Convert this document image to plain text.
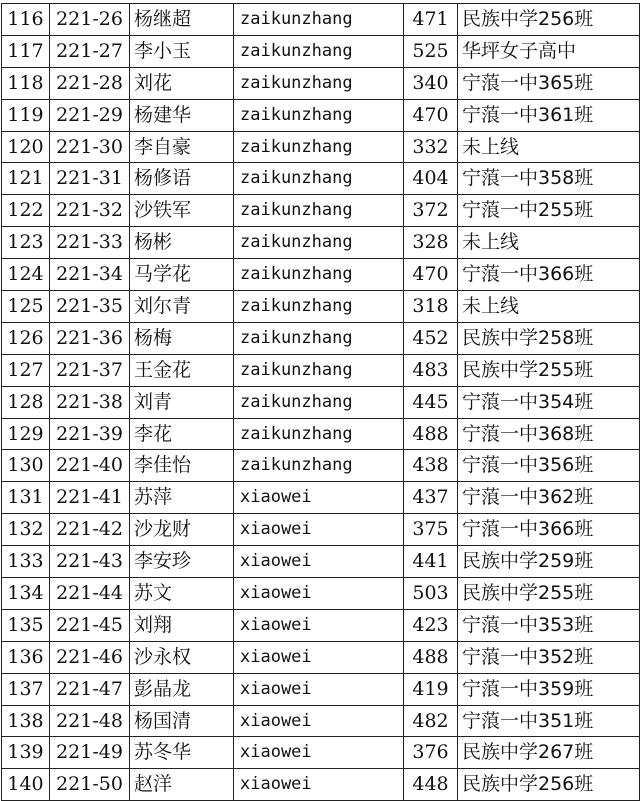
116	221-26	杨继超	zaikunzhang	471	民族中学256班
117	221-27	李小玉	zaikunzhang	525	华坪女子高中
118	221-28	刘花	zaikunzhang	340	宁蒗一中365班
119	221-29	杨建华	zaikunzhang	470	宁蒗一中361班
120	221-30	李自豪	zaikunzhang	332	未上线
121	221-31	杨修语	zaikunzhang	404	宁蒗一中358班
122	221-32	沙铁军	zaikunzhang	372	宁蒗一中255班
123	221-33	杨彬	zaikunzhang	328	未上线
124	221-34	马学花	zaikunzhang	470	宁蒗一中366班
125	221-35	刘尔青	zaikunzhang	318	未上线
126	221-36	杨梅	zaikunzhang	452	民族中学258班
127	221-37	王金花	zaikunzhang	483	民族中学255班
128	221-38	刘青	zaikunzhang	445	宁蒗一中354班
129	221-39	李花	zaikunzhang	488	宁蒗一中368班
130	221-40	李佳怡	zaikunzhang	438	宁蒗一中356班
131	221-41	苏萍	xiaowei	437	宁蒗一中362班
132	221-42	沙龙财	xiaowei	375	宁蒗一中366班
133	221-43	李安珍	xiaowei	441	民族中学259班
134	221-44	苏文	xiaowei	503	民族中学255班
135	221-45	刘翔	xiaowei	423	宁蒗一中353班
136	221-46	沙永权	xiaowei	488	宁蒗一中352班
137	221-47	彭晶龙	xiaowei	419	宁蒗一中359班
138	221-48	杨国清	xiaowei	482	宁蒗一中351班
139	221-49	苏冬华	xiaowei	376	民族中学267班
140	221-50	赵洋	xiaowei	448	民族中学256班
